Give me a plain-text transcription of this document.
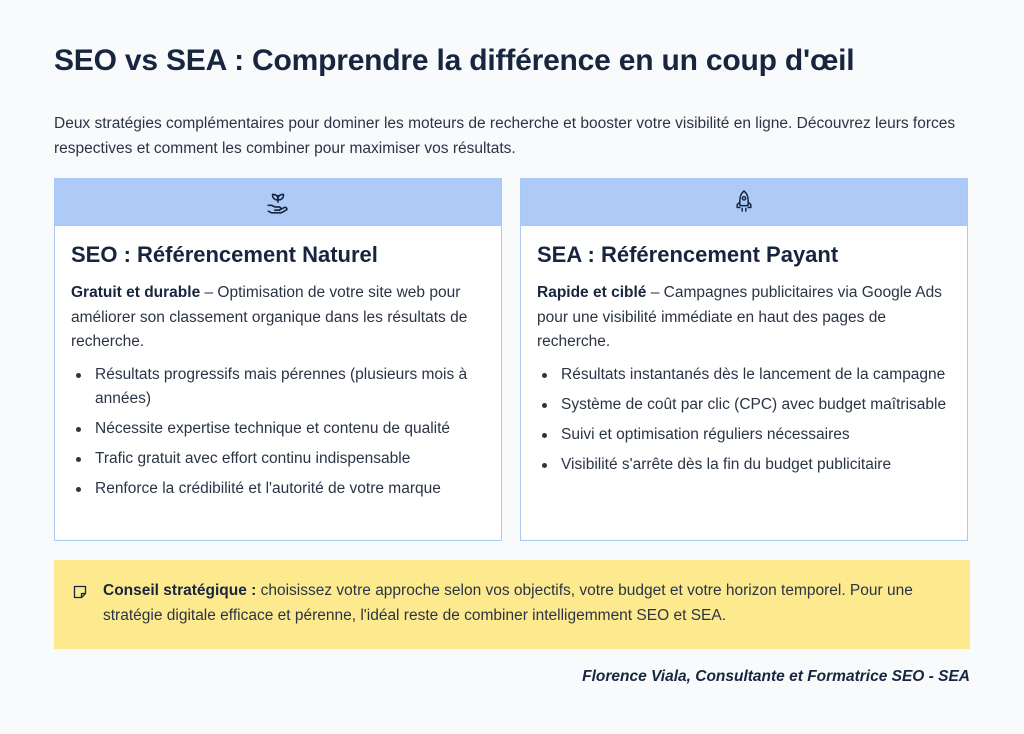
SEO vs SEA : Comprendre la différence en un coup d'œil

Deux stratégies complémentaires pour dominer les moteurs de recherche et booster votre visibilité en ligne. Découvrez leurs forces respectives et comment les combiner pour maximiser vos résultats.

SEO : Référencement Naturel

Gratuit et durable – Optimisation de votre site web pour améliorer son classement organique dans les résultats de recherche.

Résultats progressifs mais pérennes (plusieurs mois à années)
Nécessite expertise technique et contenu de qualité
Trafic gratuit avec effort continu indispensable
Renforce la crédibilité et l'autorité de votre marque
SEA : Référencement Payant

Rapide et ciblé – Campagnes publicitaires via Google Ads pour une visibilité immédiate en haut des pages de recherche.

Résultats instantanés dès le lancement de la campagne
Système de coût par clic (CPC) avec budget maîtrisable
Suivi et optimisation réguliers nécessaires
Visibilité s'arrête dès la fin du budget publicitaire

Conseil stratégique : choisissez votre approche selon vos objectifs, votre budget et votre horizon temporel. Pour une stratégie digitale efficace et pérenne, l'idéal reste de combiner intelligemment SEO et SEA.

Florence Viala, Consultante et Formatrice SEO - SEA
